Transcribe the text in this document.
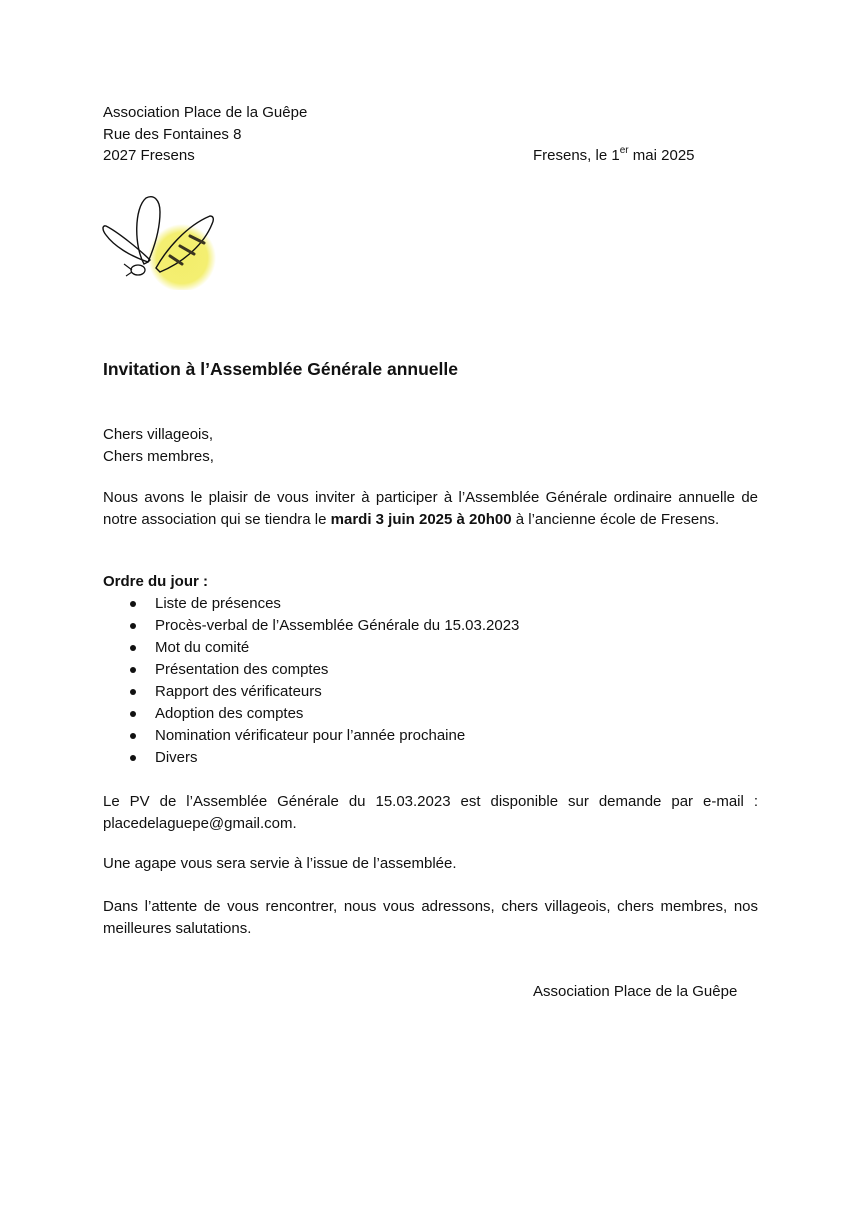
Association Place de la Guêpe
Rue des Fontaines 8
2027 Fresens	Fresens, le 1er mai 2025
Invitation à l’Assemblée Générale annuelle
Chers villageois,
Chers membres,

Nous avons le plaisir de vous inviter à participer à l’Assemblée Générale ordinaire annuelle de notre association qui se tiendra le mardi 3 juin 2025 à 20h00 à l’ancienne école de Fresens.

Ordre du jour :
Liste de présences
Procès-verbal de l’Assemblée Générale du 15.03.2023
Mot du comité
Présentation des comptes
Rapport des vérificateurs
Adoption des comptes
Nomination vérificateur pour l’année prochaine
Divers

Le PV de l’Assemblée Générale du 15.03.2023 est disponible sur demande par e-mail : placedelaguepe@gmail.com.

Une agape vous sera servie à l’issue de l’assemblée.

Dans l’attente de vous rencontrer, nous vous adressons, chers villageois, chers membres, nos meilleures salutations.

Association Place de la Guêpe
